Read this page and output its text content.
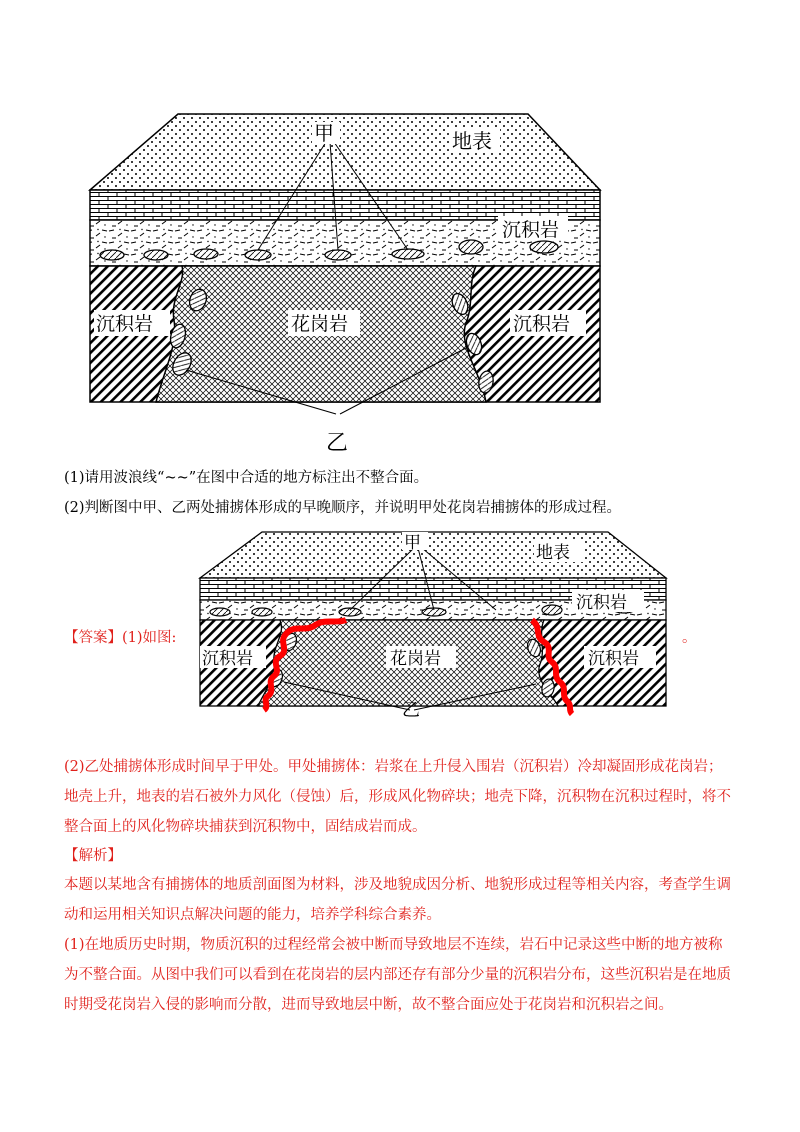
甲	地表
沉积岩
沉积岩	花岗岩	沉积岩
乙
(1)请用波浪线“~~”在图中合适的地方标注出不整合面。
(2)判断图中甲、乙两处捕掳体形成的早晚顺序，并说明甲处花岗岩捕掳体的形成过程。
【答案】(1)如图:	。
甲	地表
沉积岩
沉积岩	花岗岩	沉积岩
乙
(2)乙处捕掳体形成时间早于甲处。甲处捕掳体：岩浆在上升侵入围岩（沉积岩）冷却凝固形成花岗岩；地壳上升，地表的岩石被外力风化（侵蚀）后，形成风化物碎块；地壳下降，沉积物在沉积过程时，将不整合面上的风化物碎块捕获到沉积物中，固结成岩而成。
【解析】
本题以某地含有捕掳体的地质剖面图为材料，涉及地貌成因分析、地貌形成过程等相关内容，考查学生调动和运用相关知识点解决问题的能力，培养学科综合素养。
(1)在地质历史时期，物质沉积的过程经常会被中断而导致地层不连续，岩石中记录这些中断的地方被称为不整合面。从图中我们可以看到在花岗岩的层内部还存有部分少量的沉积岩分布，这些沉积岩是在地质时期受花岗岩入侵的影响而分散，进而导致地层中断，故不整合面应处于花岗岩和沉积岩之间。
